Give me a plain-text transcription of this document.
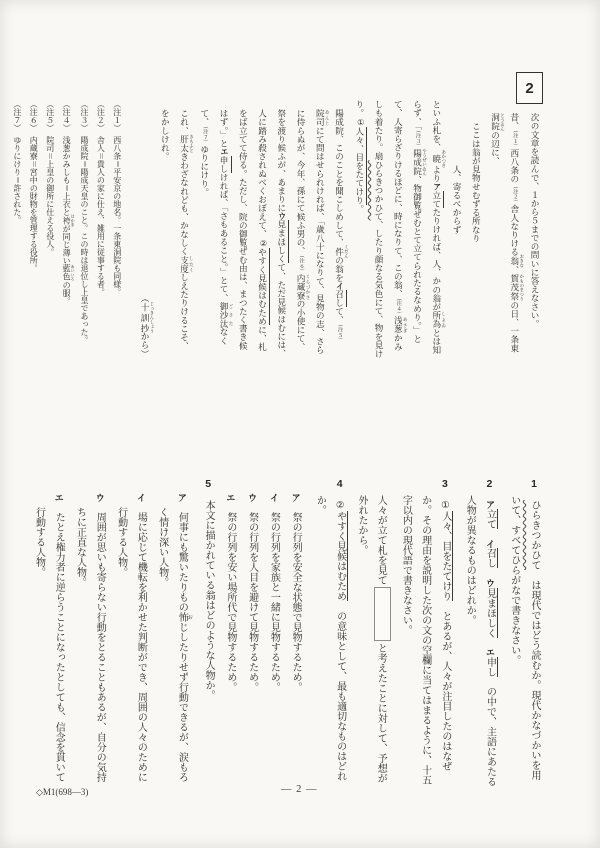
2
次の文章を読んで、１から５までの問いに答えなさい。
昔、（注１）西八条の（注２）舎人なりける翁 おきな、賀茂祭 かものまつりの日、一条東洞院 とうゐんの辺に、
ここは翁が見物せむずる所なり
人、寄るべからず
といふ札を、暁 あかつきよりア立てたりければ、人、かの翁が所為 しよゐとは知らず、「（注３）陽成院 やうぜいゐん、物御覧ぜむとて立てられたるなめり。」とて、人寄らざりけるほどに、時になりて、この翁、（注４）浅葱 あさぎかみしも着たり。扇ひらきつかひて、したり顔なる気色にて、物を見けり。①人々、目をたてけり。
陽成院、このことを聞こしめして、件 くだんの翁をイ召して、（注５）院司 ゐんじにて問はせられければ、「歳八十になりて、見物の志、さらに侍らぬが、今年、孫にて候ふ男の、（注６）内蔵寮 くらづかさの小使にて、祭を渡り候ふが、あまりにウ見まほしくて、ただ見候はむには、人に踏み殺されぬべくおぼえて、②やすく見候はむために、札をば立てて侍る。ただし、院の御覧ぜむ由は、まつたく書き候はず。」とエ申しければ、「さもあること。」とて、御沙汰 ごさたなくて、（注７）ゆりにけり。
これ、肝太 きもふときわざなれども、かなしく支度 したくしえたりけるこそ、をかしけれ。
（十訓抄 じっきんしょうから）
（注１）　西八条＝平安京の地名。一条東洞院も同様。
（注２）　舎人＝貴人の家に仕え、雑用に従事する者。
（注３）　陽成院＝陽成天皇のこと。この時は退位し上皇であった。
（注４）　浅葱かみしも＝上衣と袴 はかまが同じ薄い藍色 あいいろの服。
（注５）　院司＝上皇の御所に仕える役人。
（注６）　内蔵寮＝宮中の財物を管理する役所。
（注７）　ゆりにけり＝許された。
1　ひらきつかひて　は現代ではどう読むか。現代かなづかいを用いて、すべてひらがなで書きなさい。
2　ア立て　イ召し　ウ見まほしく　エ申し　の中で、主語にあたる人物が異なるものはどれか。
3　①人々、目をたてけり　とあるが、人々が注目したのはなぜか。その理由を説明した次の文の空欄に当てはまるように、十五字以内の現代語で書きなさい。
人々が立て札を見てと考えたことに対して、予想が外れたから。
4　②やすく見候はむため　の意味として、最も適切なものはどれか。
ア　祭の行列を安全な状態で見物するため。
イ　祭の行列を家族と一緒に見物するため。
ウ　祭の行列を人目を避けて見物するため。
エ　祭の行列を安い場所代で見物するため。
5　本文に描かれている翁はどのような人物か。
ア　何事にも驚いたりもの怖 おじしたりせず行動できるが、涙もろく情け深い人物。
イ　場に応じて機転を利かせた判断ができ、周囲の人々のために行動する人物。
ウ　周囲が思いも寄らない行動をとることもあるが、自分の気持ちに正直な人物。
エ　たとえ権力者に逆らうことになったとしても、信念を貫いて行動する人物。
— 2 —
◇M1(698—3)
